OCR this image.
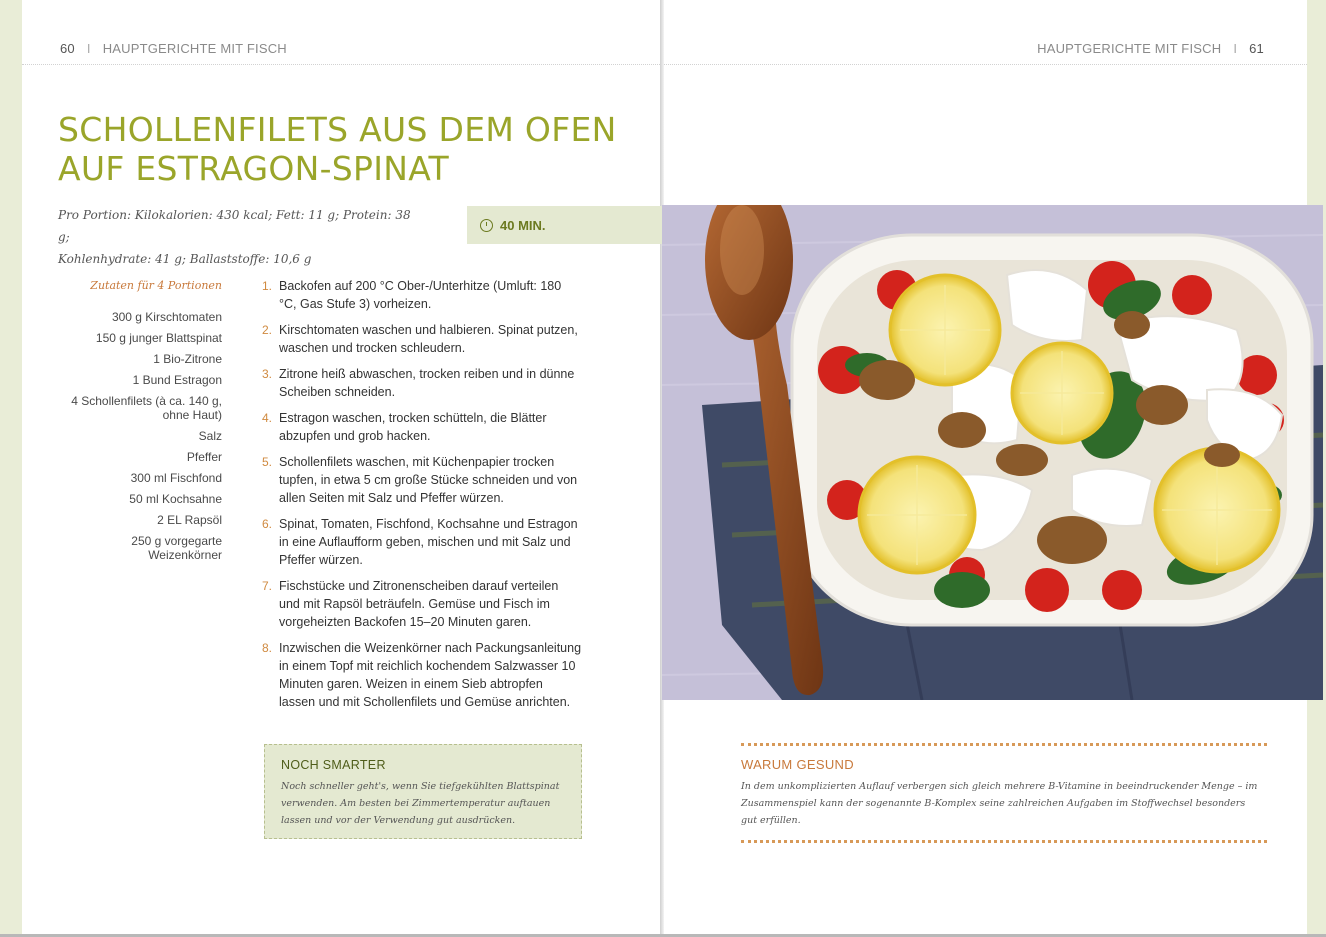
60 I HAUPTGERICHTE MIT FISCH	HAUPTGERICHTE MIT FISCH I 61
SCHOLLENFILETS AUS DEM OFEN
AUF ESTRAGON-SPINAT
Pro Portion: Kilokalorien: 430 kcal; Fett: 11 g; Protein: 38 g;
Kohlenhydrate: 41 g; Ballaststoffe: 10,6 g
40 MIN.
Zutaten für 4 Portionen
300 g Kirschtomaten
150 g junger Blattspinat
1 Bio-Zitrone
1 Bund Estragon
4 Schollenfilets (à ca. 140 g, ohne Haut)
Salz
Pfeffer
300 ml Fischfond
50 ml Kochsahne
2 EL Rapsöl
250 g vorgegarte Weizenkörner
1. Backofen auf 200 °C Ober-/Unterhitze (Umluft: 180 °C, Gas Stufe 3) vorheizen.
2. Kirschtomaten waschen und halbieren. Spinat putzen, waschen und trocken schleudern.
3. Zitrone heiß abwaschen, trocken reiben und in dünne Scheiben schneiden.
4. Estragon waschen, trocken schütteln, die Blätter abzupfen und grob hacken.
5. Schollenfilets waschen, mit Küchenpapier trocken tupfen, in etwa 5 cm große Stücke schneiden und von allen Seiten mit Salz und Pfeffer würzen.
6. Spinat, Tomaten, Fischfond, Kochsahne und Estragon in eine Auflaufform geben, mischen und mit Salz und Pfeffer würzen.
7. Fischstücke und Zitronenscheiben darauf verteilen und mit Rapsöl beträufeln. Gemüse und Fisch im vorgeheizten Backofen 15–20 Minuten garen.
8. Inzwischen die Weizenkörner nach Packungsanleitung in einem Topf mit reichlich kochendem Salzwasser 10 Minuten garen. Weizen in einem Sieb abtropfen lassen und mit Schollenfilets und Gemüse anrichten.
NOCH SMARTER

Noch schneller geht's, wenn Sie tiefgekühlten Blattspinat verwenden. Am besten bei Zimmertemperatur auftauen lassen und vor der Verwendung gut ausdrücken.

WARUM GESUND
In dem unkomplizierten Auflauf verbergen sich gleich mehrere B-Vitamine in beeindruckender Menge – im Zusammenspiel kann der sogenannte B-Komplex seine zahlreichen Aufgaben im Stoffwechsel besonders gut erfüllen.
